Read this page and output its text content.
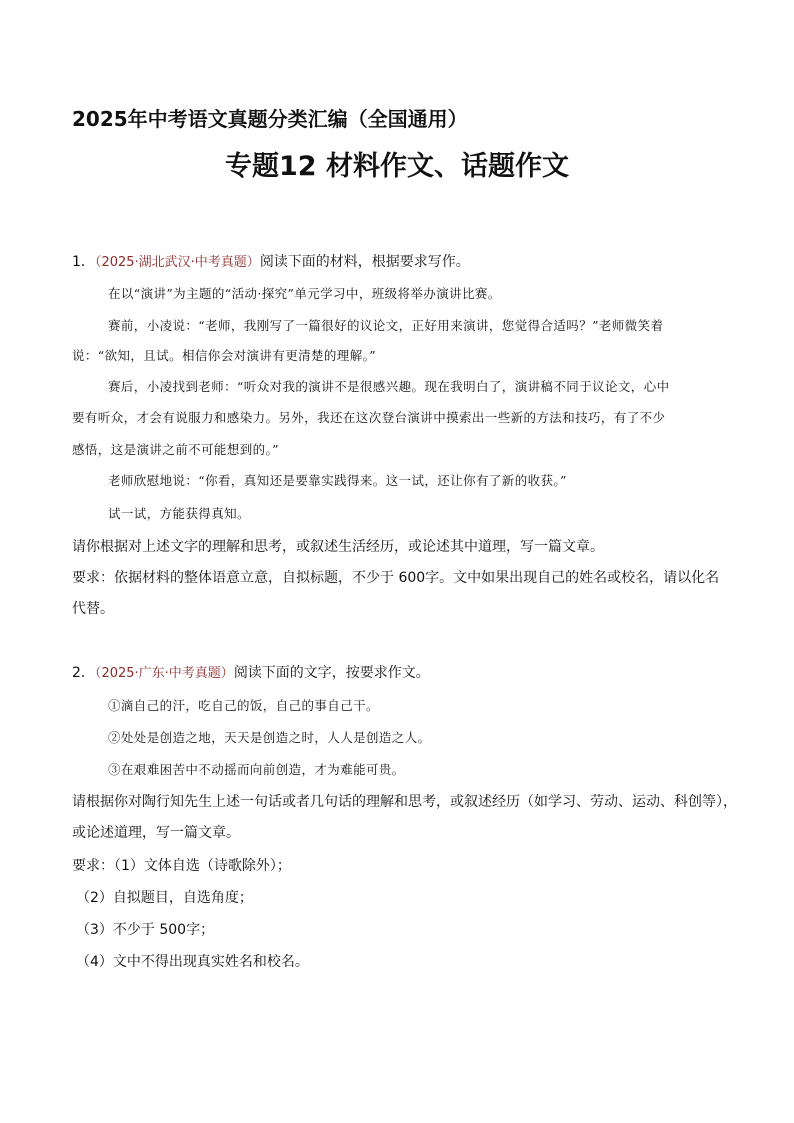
2025年中考语文真题分类汇编（全国通用）
专题12 材料作文、话题作文
1．（2025·湖北武汉·中考真题）阅读下面的材料，根据要求写作。
在以“演讲”为主题的“活动·探究”单元学习中，班级将举办演讲比赛。
赛前，小凌说：“老师，我刚写了一篇很好的议论文，正好用来演讲，您觉得合适吗？”老师微笑着
说：“欲知，且试。相信你会对演讲有更清楚的理解。”
赛后，小凌找到老师：“听众对我的演讲不是很感兴趣。现在我明白了，演讲稿不同于议论文，心中
要有听众，才会有说服力和感染力。另外，我还在这次登台演讲中摸索出一些新的方法和技巧，有了不少
感悟，这是演讲之前不可能想到的。”
老师欣慰地说：“你看，真知还是要靠实践得来。这一试，还让你有了新的收获。”
试一试，方能获得真知。
请你根据对上述文字的理解和思考，或叙述生活经历，或论述其中道理，写一篇文章。
要求：依据材料的整体语意立意，自拟标题，不少于 600字。文中如果出现自己的姓名或校名，请以化名
代替。
2．（2025·广东·中考真题）阅读下面的文字，按要求作文。
①滴自己的汗，吃自己的饭，自己的事自己干。
②处处是创造之地，天天是创造之时，人人是创造之人。
③在艰难困苦中不动摇而向前创造，才为难能可贵。
请根据你对陶行知先生上述一句话或者几句话的理解和思考，或叙述经历（如学习、劳动、运动、科创等），
或论述道理，写一篇文章。
要求：（1）文体自选（诗歌除外）；
（2）自拟题目，自选角度；
（3）不少于 500字；
（4）文中不得出现真实姓名和校名。
